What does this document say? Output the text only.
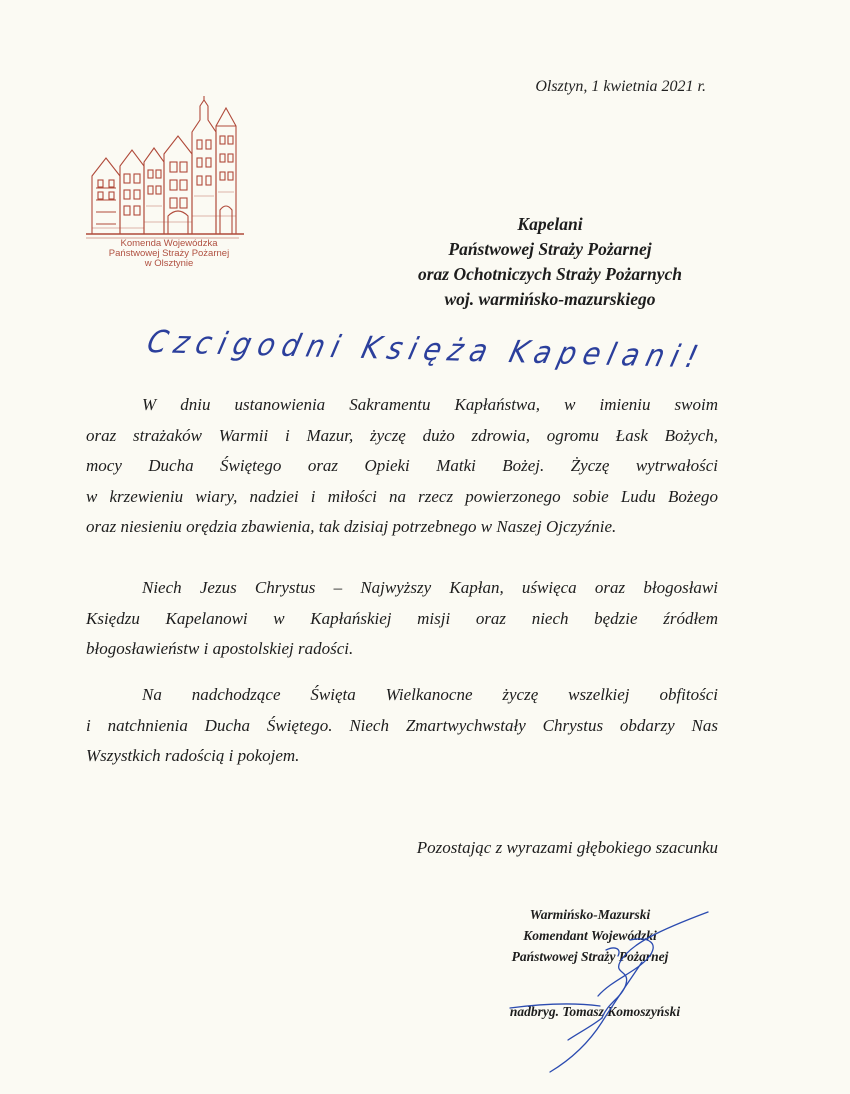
Olsztyn, 1 kwietnia 2021 r.
Komenda Wojewódzka
Państwowej Straży Pożarnej
w Olsztynie
Kapelani
Państwowej Straży Pożarnej
oraz Ochotniczych Straży Pożarnych
woj. warmińsko-mazurskiego
Czcigodni Księża Kapelani!
W dniu ustanowienia Sakramentu Kapłaństwa, w imieniu swoim
oraz strażaków Warmii i Mazur, życzę dużo zdrowia, ogromu Łask Bożych,
mocy Ducha Świętego oraz Opieki Matki Bożej. Życzę wytrwałości
w krzewieniu wiary, nadziei i miłości na rzecz powierzonego sobie Ludu Bożego
oraz niesieniu orędzia zbawienia, tak dzisiaj potrzebnego w Naszej Ojczyźnie.
Niech Jezus Chrystus – Najwyższy Kapłan, uświęca oraz błogosławi
Księdzu Kapelanowi w Kapłańskiej misji oraz niech będzie źródłem
błogosławieństw i apostolskiej radości.
Na nadchodzące Święta Wielkanocne życzę wszelkiej obfitości
i natchnienia Ducha Świętego. Niech Zmartwychwstały Chrystus obdarzy Nas
Wszystkich radością i pokojem.
Pozostając z wyrazami głębokiego szacunku
Warmińsko-Mazurski
Komendant Wojewódzki
Państwowej Straży Pożarnej
nadbryg. Tomasz Komoszyński
